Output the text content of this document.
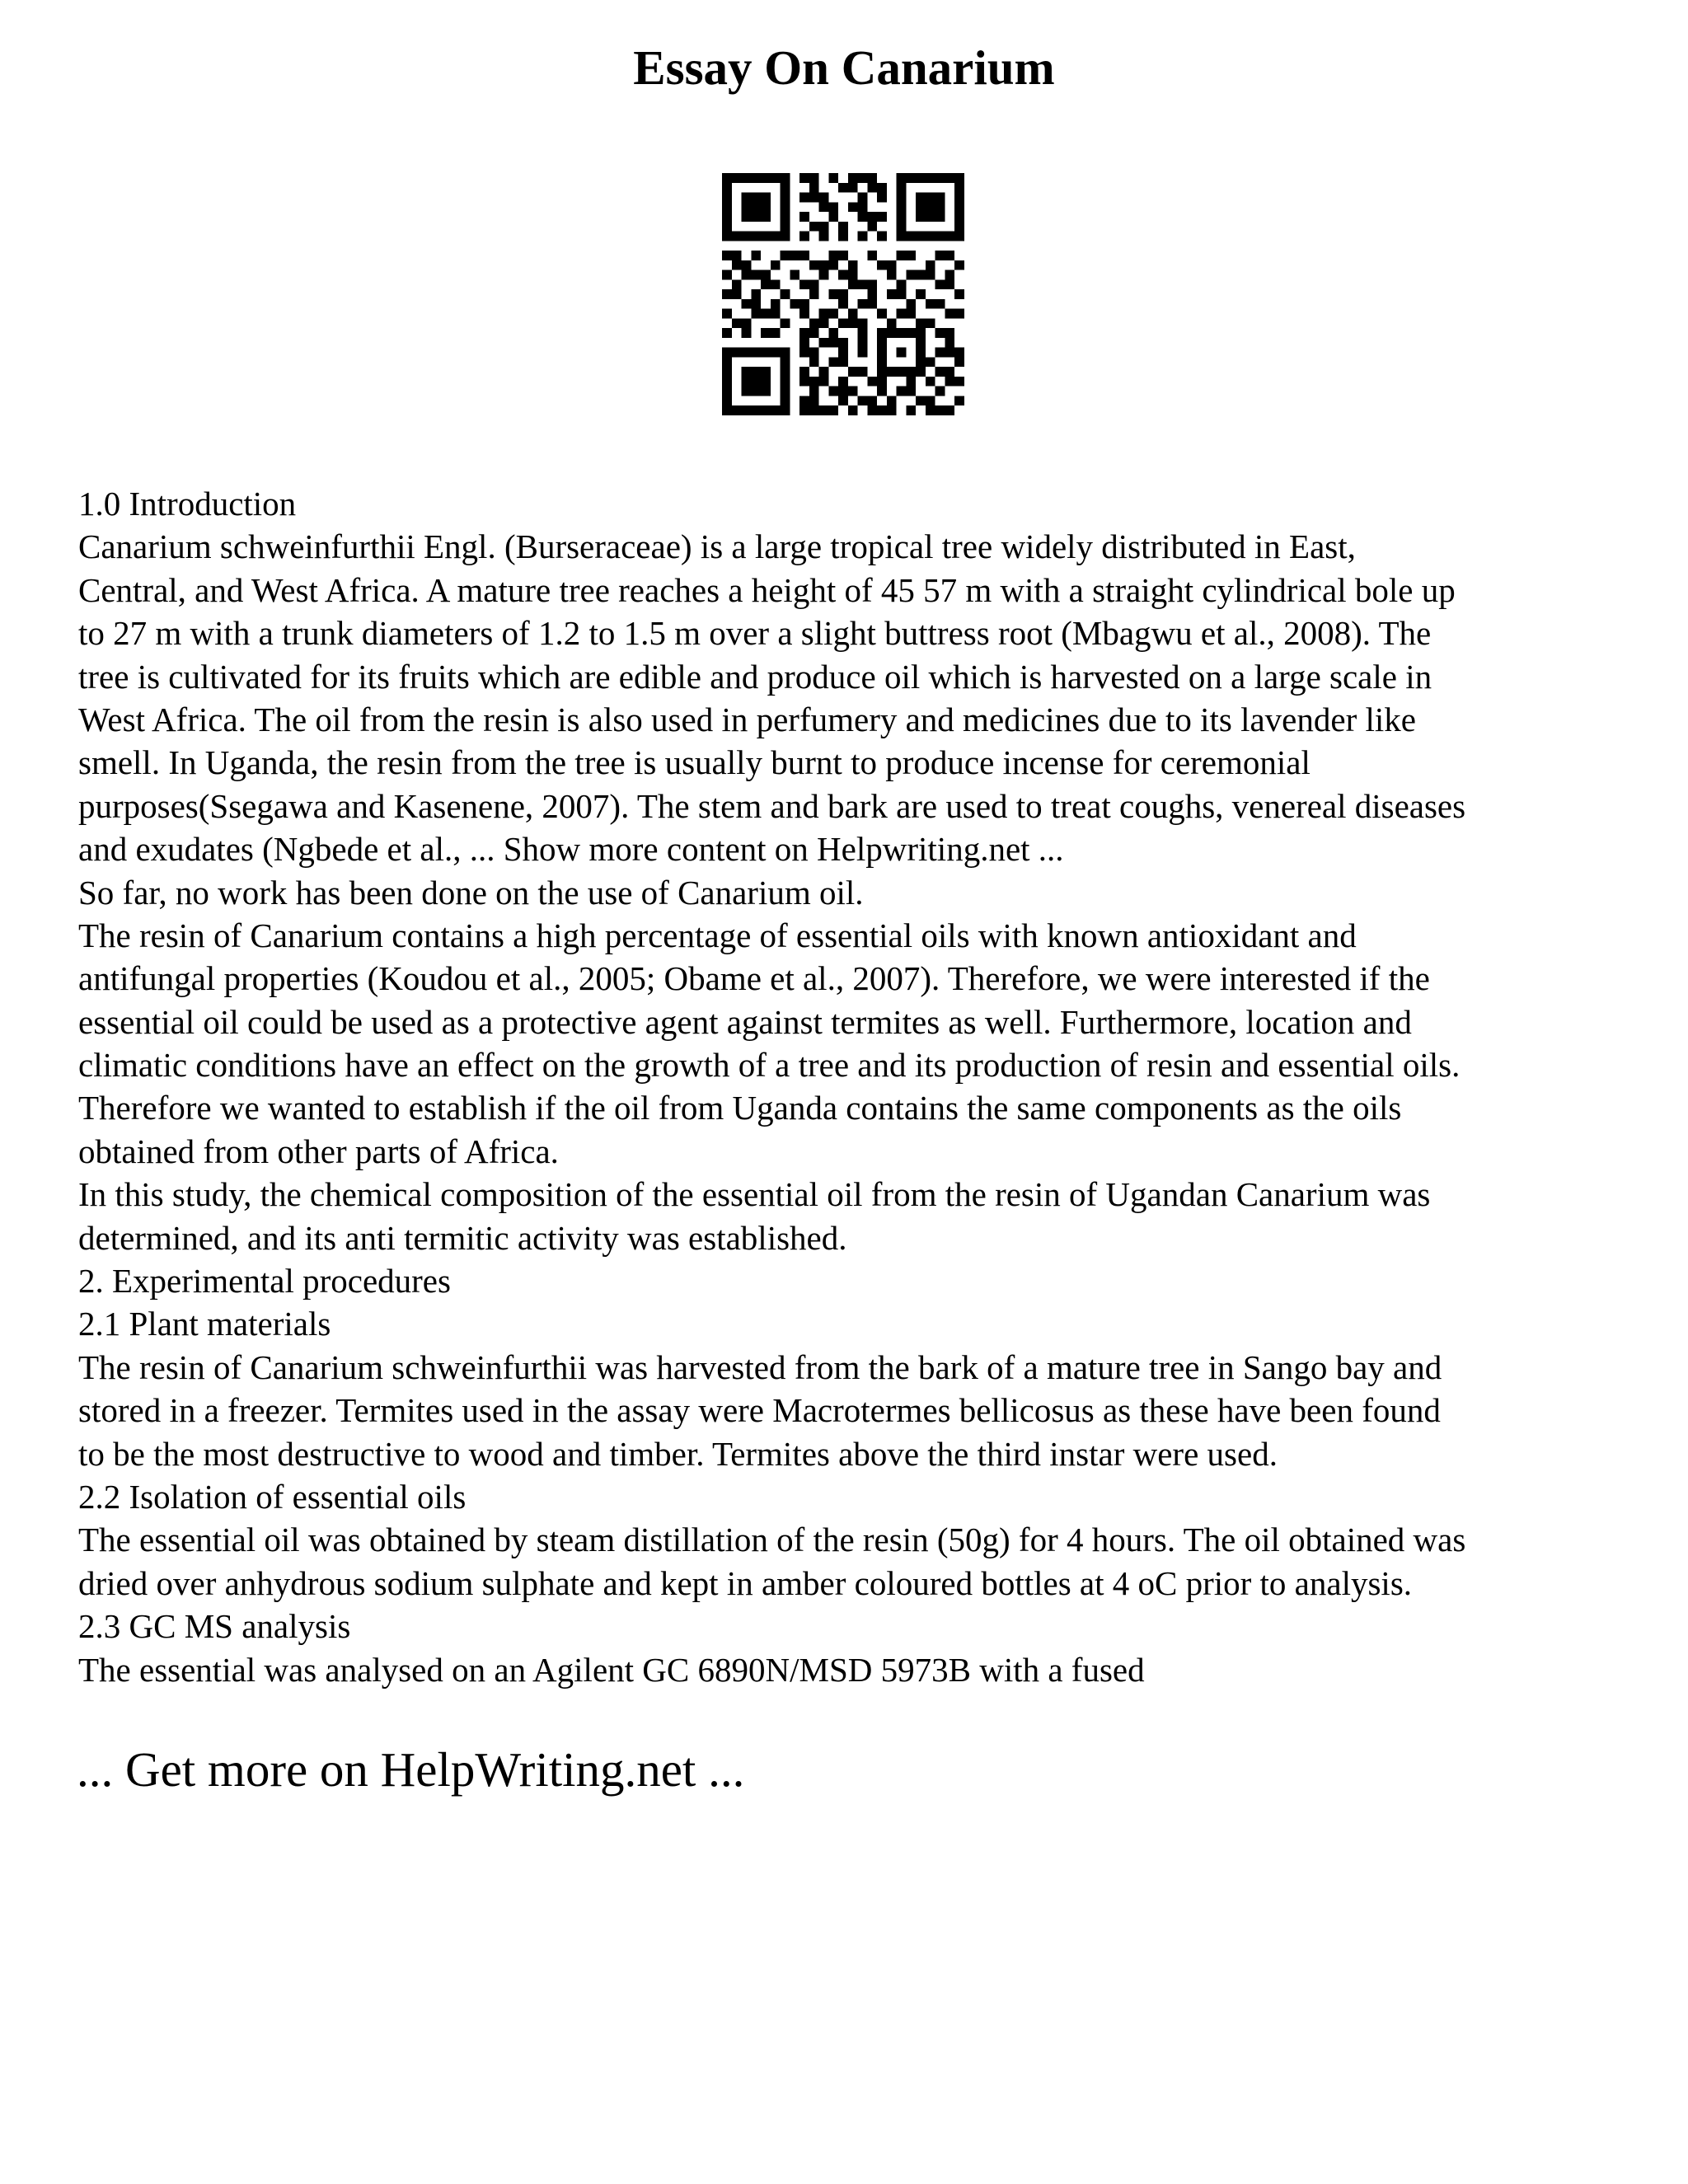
Essay On Canarium
1.0 Introduction
Canarium schweinfurthii Engl. (Burseraceae) is a large tropical tree widely distributed in East,
Central, and West Africa. A mature tree reaches a height of 45 57 m with a straight cylindrical bole up
to 27 m with a trunk diameters of 1.2 to 1.5 m over a slight buttress root (Mbagwu et al., 2008). The
tree is cultivated for its fruits which are edible and produce oil which is harvested on a large scale in
West Africa. The oil from the resin is also used in perfumery and medicines due to its lavender like
smell. In Uganda, the resin from the tree is usually burnt to produce incense for ceremonial
purposes(Ssegawa and Kasenene, 2007). The stem and bark are used to treat coughs, venereal diseases
and exudates (Ngbede et al., ... Show more content on Helpwriting.net ...
So far, no work has been done on the use of Canarium oil.
The resin of Canarium contains a high percentage of essential oils with known antioxidant and
antifungal properties (Koudou et al., 2005; Obame et al., 2007). Therefore, we were interested if the
essential oil could be used as a protective agent against termites as well. Furthermore, location and
climatic conditions have an effect on the growth of a tree and its production of resin and essential oils.
Therefore we wanted to establish if the oil from Uganda contains the same components as the oils
obtained from other parts of Africa.
In this study, the chemical composition of the essential oil from the resin of Ugandan Canarium was
determined, and its anti termitic activity was established.
2. Experimental procedures
2.1 Plant materials
The resin of Canarium schweinfurthii was harvested from the bark of a mature tree in Sango bay and
stored in a freezer. Termites used in the assay were Macrotermes bellicosus as these have been found
to be the most destructive to wood and timber. Termites above the third instar were used.
2.2 Isolation of essential oils
The essential oil was obtained by steam distillation of the resin (50g) for 4 hours. The oil obtained was
dried over anhydrous sodium sulphate and kept in amber coloured bottles at 4 oC prior to analysis.
2.3 GC MS analysis
The essential was analysed on an Agilent GC 6890N/MSD 5973B with a fused
... Get more on HelpWriting.net ...
